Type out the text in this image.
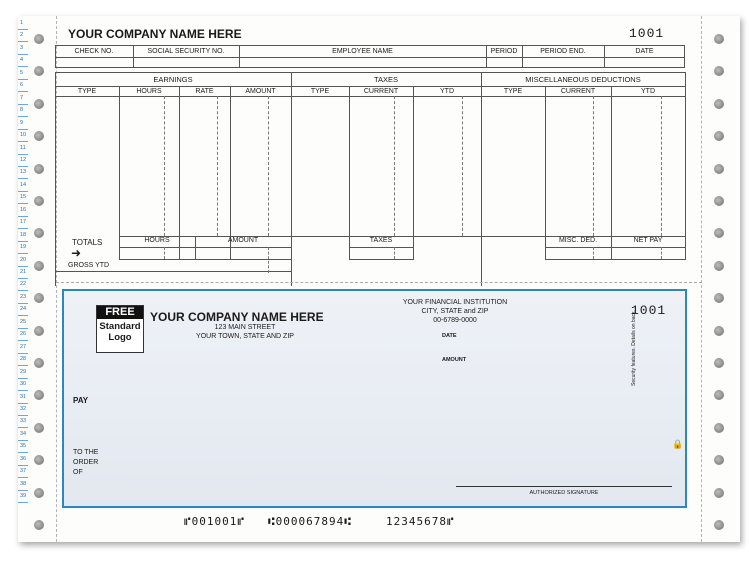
1
2
3
4
5
6
7
8
9
10
11
12
13
14
15
16
17
18
19
20
21
22
23
24
25
26
27
28
29
30
31
32
33
34
35
36
37
38
39
YOUR COMPANY NAME HERE	1001
CHECK NO.	SOCIAL SECURITY NO.	EMPLOYEE NAME	PERIOD	PERIOD END.	DATE
EARNINGS	TAXES	MISCELLANEOUS DEDUCTIONS
TYPE	HOURS	RATE	AMOUNT	TYPE	CURRENT	YTD	TYPE	CURRENT	YTD
TOTALS
➜
HOURS	AMOUNT	TAXES	MISC. DED.	NET PAY
GROSS YTD
FREE
Standard
Logo
YOUR COMPANY NAME HERE
123 MAIN STREET
YOUR TOWN, STATE AND ZIP
YOUR FINANCIAL INSTITUTION
CITY, STATE and ZIP
00-6789-0000
1001
DATE
AMOUNT
PAY
TO THE
ORDER
OF
AUTHORIZED SIGNATURE
Security features. Details on back.
🔒
⑈001001⑈ ⑆000067894⑆	12345678⑈
